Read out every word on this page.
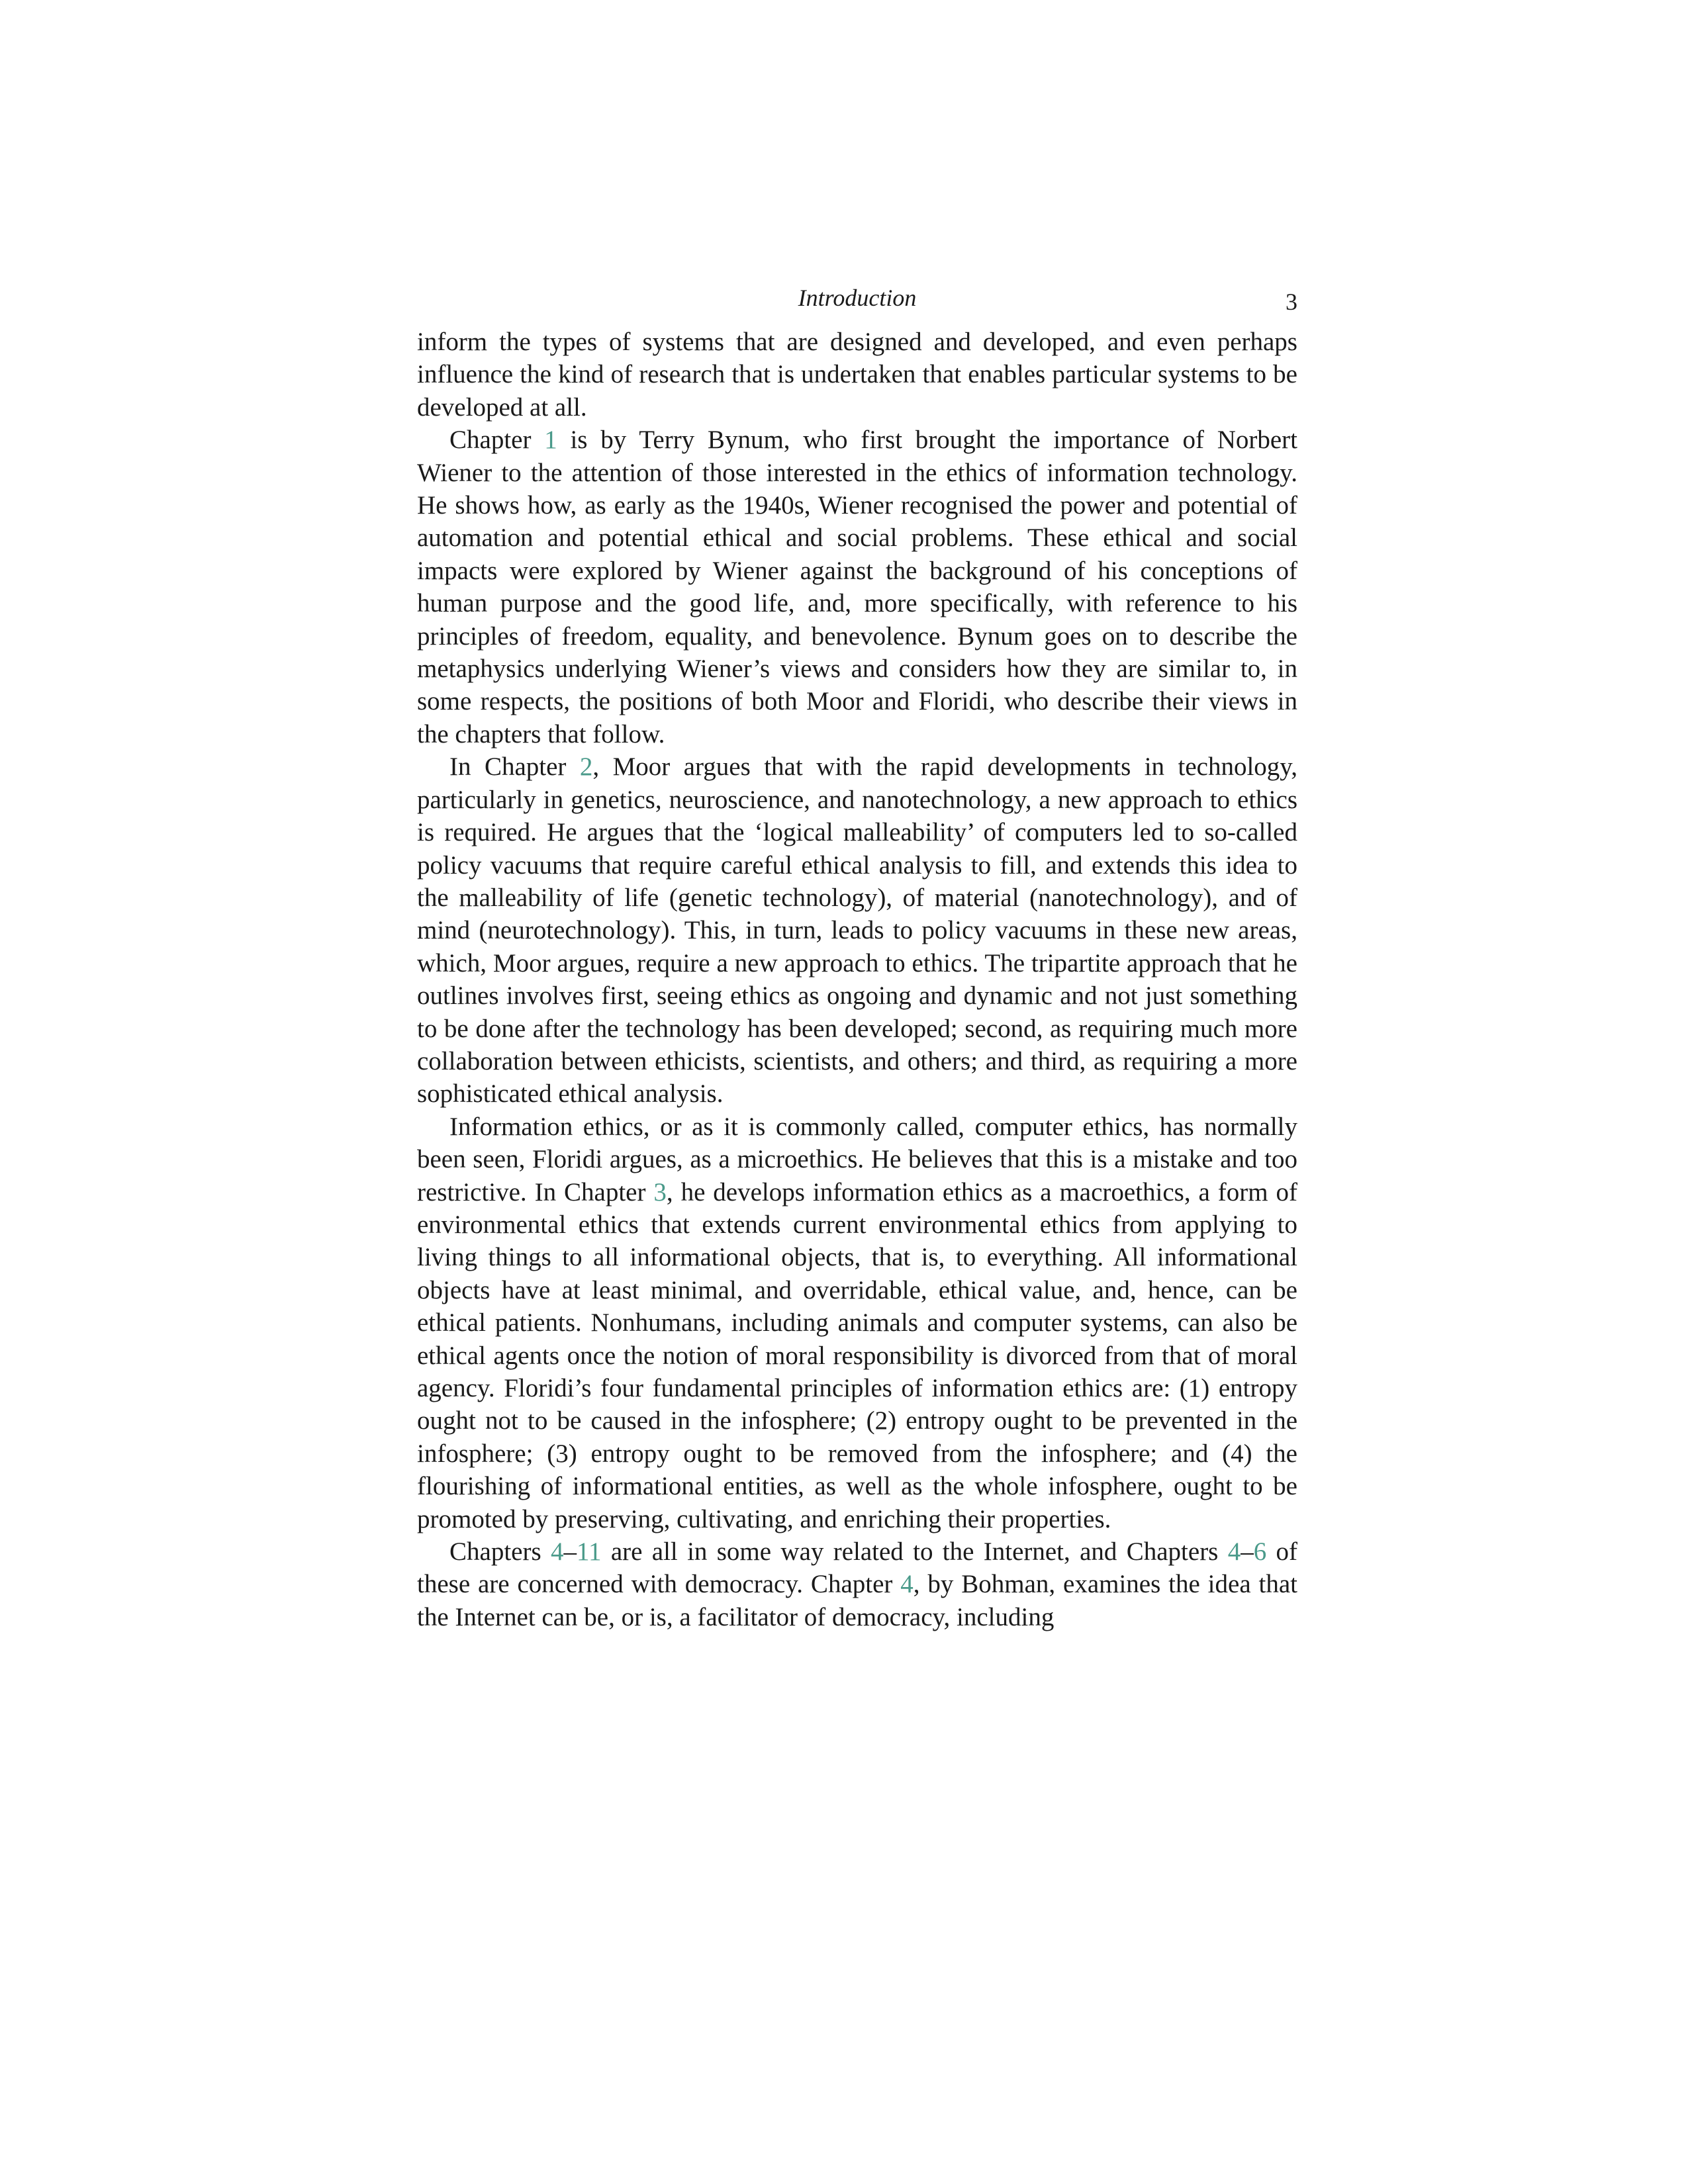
Introduction	3

inform the types of systems that are designed and developed, and even perhaps influence the kind of research that is undertaken that enables particular systems to be developed at all.

Chapter 1 is by Terry Bynum, who first brought the importance of Norbert Wiener to the attention of those interested in the ethics of information technology. He shows how, as early as the 1940s, Wiener recognised the power and potential of automation and potential ethical and social problems. These ethical and social impacts were explored by Wiener against the background of his conceptions of human purpose and the good life, and, more specifically, with reference to his principles of freedom, equality, and benevolence. Bynum goes on to describe the metaphysics underlying Wiener’s views and considers how they are similar to, in some respects, the positions of both Moor and Floridi, who describe their views in the chapters that follow.

In Chapter 2, Moor argues that with the rapid developments in technology, particularly in genetics, neuroscience, and nanotechnology, a new approach to ethics is required. He argues that the ‘logical malleability’ of computers led to so-called policy vacuums that require careful ethical analysis to fill, and extends this idea to the malleability of life (genetic technology), of material (nanotechnology), and of mind (neurotechnology). This, in turn, leads to policy vacuums in these new areas, which, Moor argues, require a new approach to ethics. The tripartite approach that he outlines involves first, seeing ethics as ongoing and dynamic and not just something to be done after the technology has been developed; second, as requiring much more collaboration between ethicists, scientists, and others; and third, as requiring a more sophisticated ethical analysis.

Information ethics, or as it is commonly called, computer ethics, has normally been seen, Floridi argues, as a microethics. He believes that this is a mistake and too restrictive. In Chapter 3, he develops information ethics as a macroethics, a form of environmental ethics that extends current environmental ethics from applying to living things to all informational objects, that is, to everything. All informational objects have at least minimal, and overridable, ethical value, and, hence, can be ethical patients. Nonhumans, including animals and computer systems, can also be ethical agents once the notion of moral responsibility is divorced from that of moral agency. Floridi’s four fundamental principles of information ethics are: (1) entropy ought not to be caused in the infosphere; (2) entropy ought to be prevented in the infosphere; (3) entropy ought to be removed from the infosphere; and (4) the flourishing of informational entities, as well as the whole infosphere, ought to be promoted by preserving, cultivating, and enriching their properties.

Chapters 4–11 are all in some way related to the Internet, and Chapters 4–6 of these are concerned with democracy. Chapter 4, by Bohman, examines the idea that the Internet can be, or is, a facilitator of democracy, including
